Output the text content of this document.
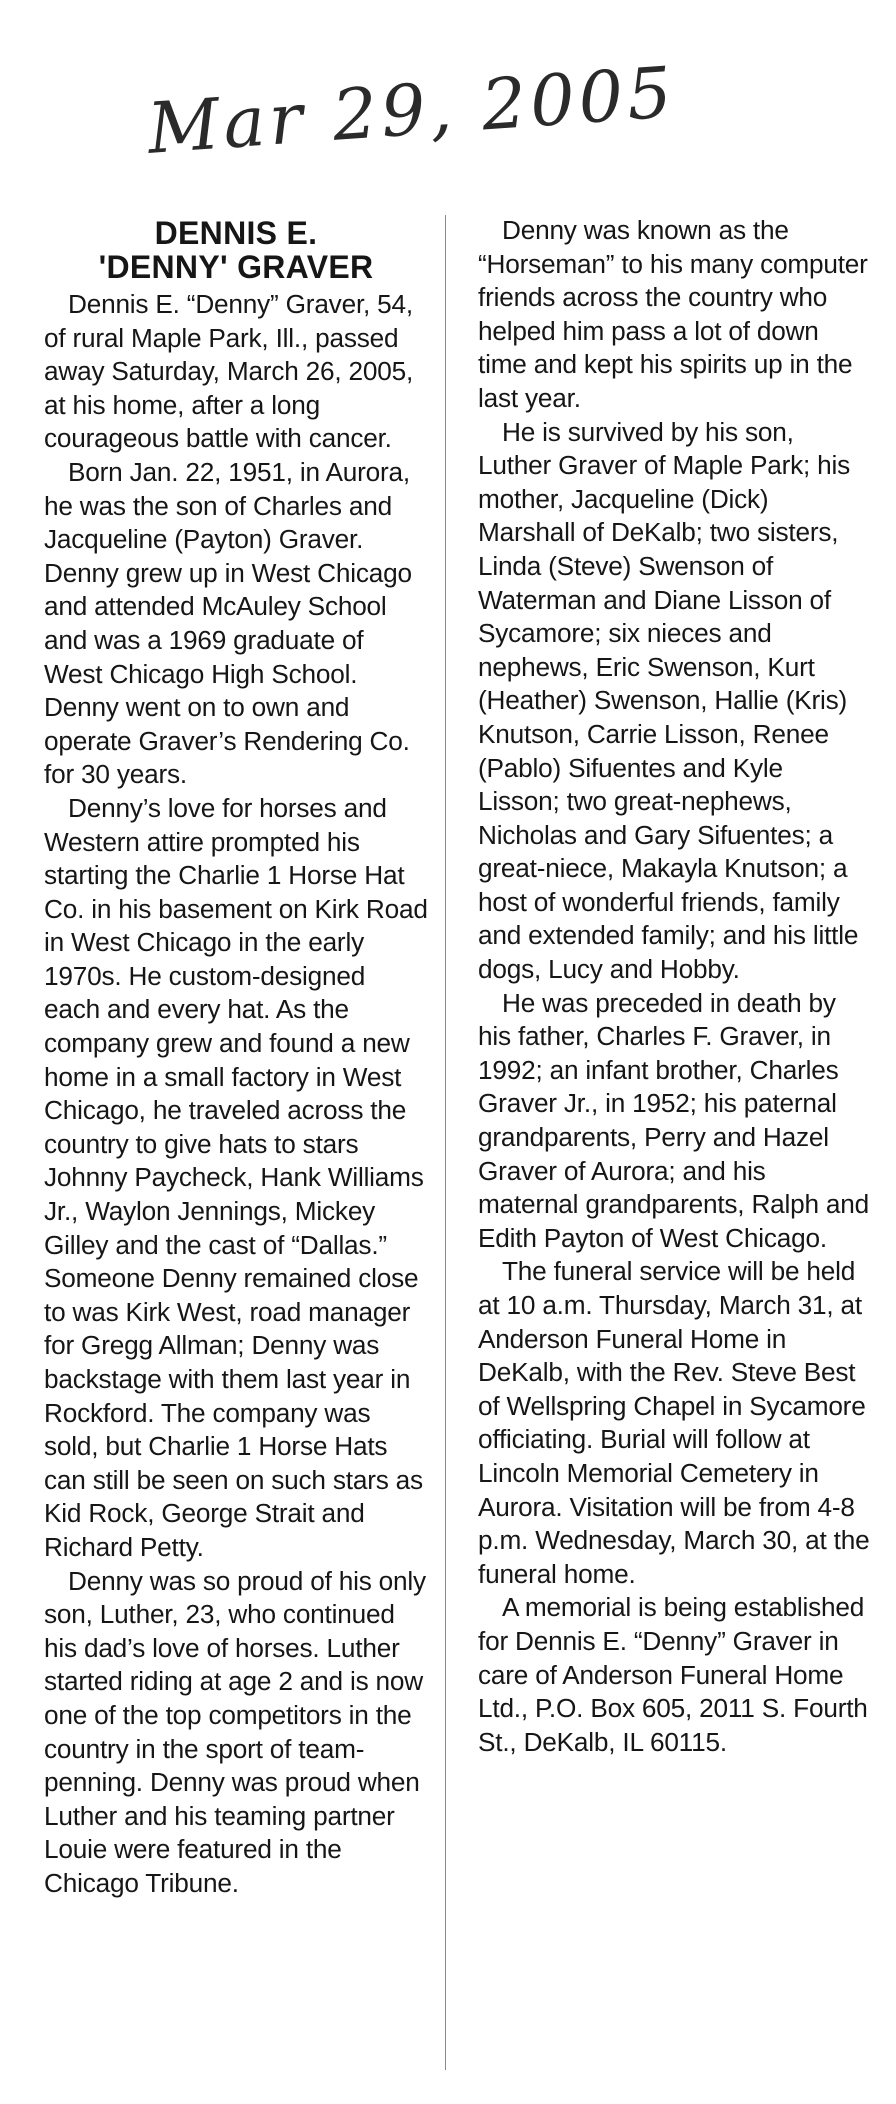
Mar 29, 2005
DENNIS E.
'DENNY' GRAVER

Dennis E. “Denny” Graver, 54, of rural Maple Park, Ill., passed away Saturday, March 26, 2005, at his home, after a long courageous battle with cancer.

Born Jan. 22, 1951, in Aurora, he was the son of Charles and Jacqueline (Payton) Graver. Denny grew up in West Chicago and attended McAuley School and was a 1969 graduate of West Chicago High School. Denny went on to own and operate Graver’s Rendering Co. for 30 years.

Denny’s love for horses and Western attire prompted his starting the Charlie 1 Horse Hat Co. in his basement on Kirk Road in West Chicago in the early 1970s. He custom-designed each and every hat. As the company grew and found a new home in a small factory in West Chicago, he traveled across the country to give hats to stars Johnny Paycheck, Hank Williams Jr., Waylon Jennings, Mickey Gilley and the cast of “Dallas.” Someone Denny remained close to was Kirk West, road manager for Gregg Allman; Denny was backstage with them last year in Rockford. The company was sold, but Charlie 1 Horse Hats can still be seen on such stars as Kid Rock, George Strait and Richard Petty.

Denny was so proud of his only son, Luther, 23, who continued his dad’s love of horses. Luther started riding at age 2 and is now one of the top competitors in the country in the sport of team-penning. Denny was proud when Luther and his teaming partner Louie were featured in the Chicago Tribune.

Denny was known as the “Horseman” to his many computer friends across the country who helped him pass a lot of down time and kept his spirits up in the last year.

He is survived by his son, Luther Graver of Maple Park; his mother, Jacqueline (Dick) Marshall of DeKalb; two sisters, Linda (Steve) Swenson of Waterman and Diane Lisson of Sycamore; six nieces and nephews, Eric Swenson, Kurt (Heather) Swenson, Hallie (Kris) Knutson, Carrie Lisson, Renee (Pablo) Sifuentes and Kyle Lisson; two great-nephews, Nicholas and Gary Sifuentes; a great-niece, Makayla Knutson; a host of wonderful friends, family and extended family; and his little dogs, Lucy and Hobby.

He was preceded in death by his father, Charles F. Graver, in 1992; an infant brother, Charles Graver Jr., in 1952; his paternal grandparents, Perry and Hazel Graver of Aurora; and his maternal grandparents, Ralph and Edith Payton of West Chicago.

The funeral service will be held at 10 a.m. Thursday, March 31, at Anderson Funeral Home in DeKalb, with the Rev. Steve Best of Wellspring Chapel in Sycamore officiating. Burial will follow at Lincoln Memorial Cemetery in Aurora. Visitation will be from 4-8 p.m. Wednesday, March 30, at the funeral home.

A memorial is being established for Dennis E. “Denny” Graver in care of Anderson Funeral Home Ltd., P.O. Box 605, 2011 S. Fourth St., DeKalb, IL 60115.
